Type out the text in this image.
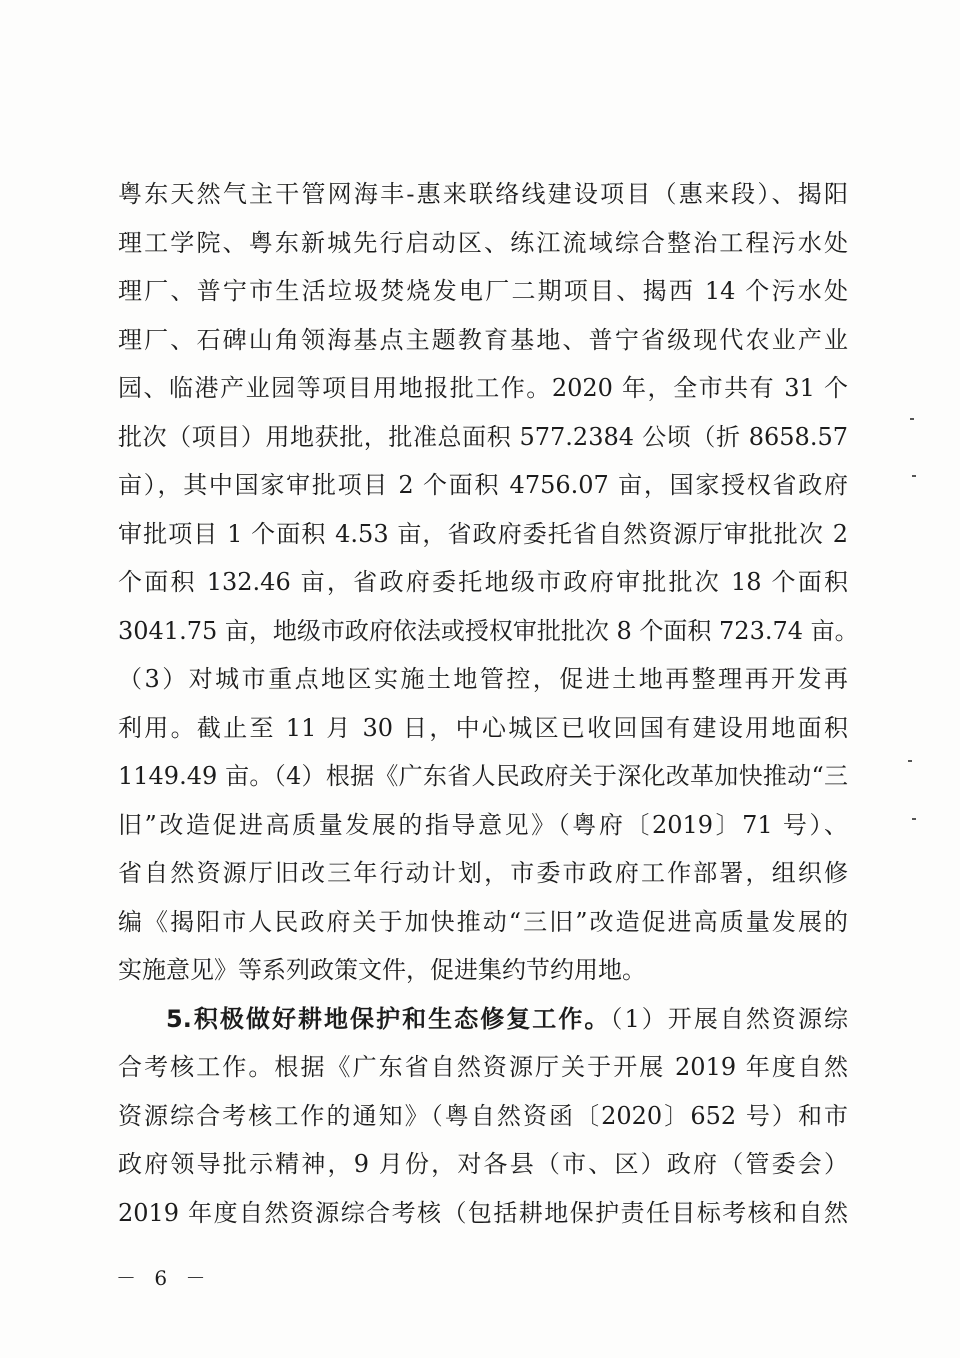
粤东天然气主干管网海丰-惠来联络线建设项目（惠来段）、揭阳
理工学院、粤东新城先行启动区、练江流域综合整治工程污水处
理厂、普宁市生活垃圾焚烧发电厂二期项目、揭西 14 个污水处
理厂、石碑山角领海基点主题教育基地、普宁省级现代农业产业
园、临港产业园等项目用地报批工作。2020 年，全市共有 31 个
批次（项目）用地获批，批准总面积 577.2384 公顷（折 8658.57
亩），其中国家审批项目 2 个面积 4756.07 亩，国家授权省政府
审批项目 1 个面积 4.53 亩，省政府委托省自然资源厅审批批次 2
个面积 132.46 亩，省政府委托地级市政府审批批次 18 个面积
3041.75 亩，地级市政府依法或授权审批批次 8 个面积 723.74 亩。
（3）对城市重点地区实施土地管控，促进土地再整理再开发再
利用。截止至 11 月 30 日，中心城区已收回国有建设用地面积
1149.49 亩。（4）根据《广东省人民政府关于深化改革加快推动“三
旧”改造促进高质量发展的指导意见》（粤府〔2019〕71 号）、
省自然资源厅旧改三年行动计划，市委市政府工作部署，组织修
编《揭阳市人民政府关于加快推动“三旧”改造促进高质量发展的
实施意见》等系列政策文件，促进集约节约用地。
5.积极做好耕地保护和生态修复工作。（1）开展自然资源综
合考核工作。根据《广东省自然资源厅关于开展 2019 年度自然
资源综合考核工作的通知》（粤自然资函〔2020〕652 号）和市
政府领导批示精神，9 月份，对各县（市、区）政府（管委会）
2019 年度自然资源综合考核（包括耕地保护责任目标考核和自然
－ 6 －
